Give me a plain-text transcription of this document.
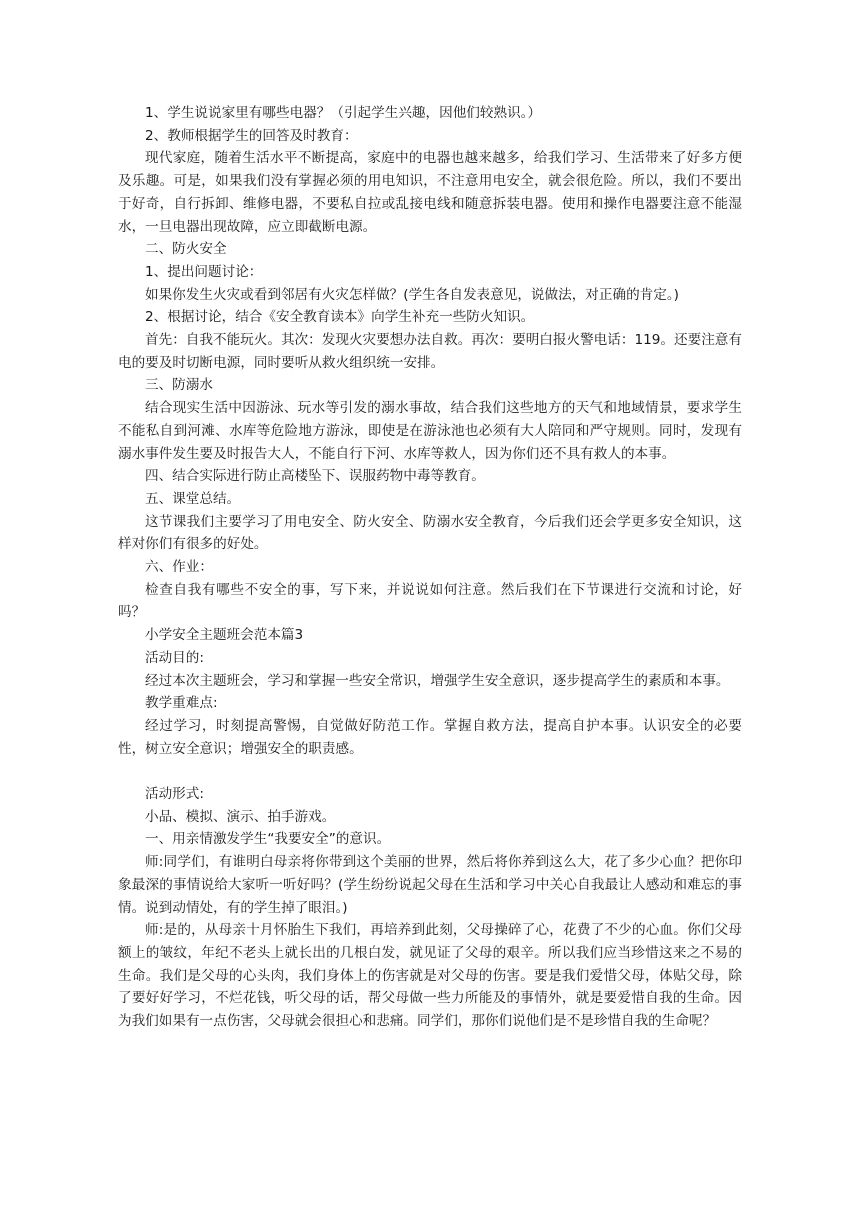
1、学生说说家里有哪些电器？（引起学生兴趣，因他们较熟识。）

2、教师根据学生的回答及时教育：

现代家庭，随着生活水平不断提高，家庭中的电器也越来越多，给我们学习、生活带来了好多方便及乐趣。可是，如果我们没有掌握必须的用电知识，不注意用电安全，就会很危险。所以，我们不要出于好奇，自行拆卸、维修电器，不要私自拉或乱接电线和随意拆装电器。使用和操作电器要注意不能湿水，一旦电器出现故障，应立即截断电源。

二、防火安全

1、提出问题讨论：

如果你发生火灾或看到邻居有火灾怎样做？(学生各自发表意见，说做法，对正确的肯定。)

2、根据讨论，结合《安全教育读本》向学生补充一些防火知识。

首先：自我不能玩火。其次：发现火灾要想办法自救。再次：要明白报火警电话：119。还要注意有电的要及时切断电源，同时要听从救火组织统一安排。

三、防溺水

结合现实生活中因游泳、玩水等引发的溺水事故，结合我们这些地方的天气和地域情景，要求学生不能私自到河滩、水库等危险地方游泳，即使是在游泳池也必须有大人陪同和严守规则。同时，发现有溺水事件发生要及时报告大人，不能自行下河、水库等救人，因为你们还不具有救人的本事。

四、结合实际进行防止高楼坠下、误服药物中毒等教育。

五、课堂总结。

这节课我们主要学习了用电安全、防火安全、防溺水安全教育，今后我们还会学更多安全知识，这样对你们有很多的好处。

六、作业：

检查自我有哪些不安全的事，写下来，并说说如何注意。然后我们在下节课进行交流和讨论，好吗？

小学安全主题班会范本篇3

活动目的:

经过本次主题班会，学习和掌握一些安全常识，增强学生安全意识，逐步提高学生的素质和本事。

教学重难点:

经过学习，时刻提高警惕，自觉做好防范工作。掌握自救方法，提高自护本事。认识安全的必要性，树立安全意识；增强安全的职责感。

活动形式:

小品、模拟、演示、拍手游戏。

一、用亲情激发学生“我要安全”的意识。

师:同学们，有谁明白母亲将你带到这个美丽的世界，然后将你养到这么大，花了多少心血？把你印象最深的事情说给大家听一听好吗？(学生纷纷说起父母在生活和学习中关心自我最让人感动和难忘的事情。说到动情处，有的学生掉了眼泪。)

师:是的，从母亲十月怀胎生下我们，再培养到此刻，父母操碎了心，花费了不少的心血。你们父母额上的皱纹，年纪不老头上就长出的几根白发，就见证了父母的艰辛。所以我们应当珍惜这来之不易的生命。我们是父母的心头肉，我们身体上的伤害就是对父母的伤害。要是我们爱惜父母，体贴父母，除了要好好学习，不烂花钱，听父母的话，帮父母做一些力所能及的事情外，就是要爱惜自我的生命。因为我们如果有一点伤害，父母就会很担心和悲痛。同学们，那你们说他们是不是珍惜自我的生命呢？
